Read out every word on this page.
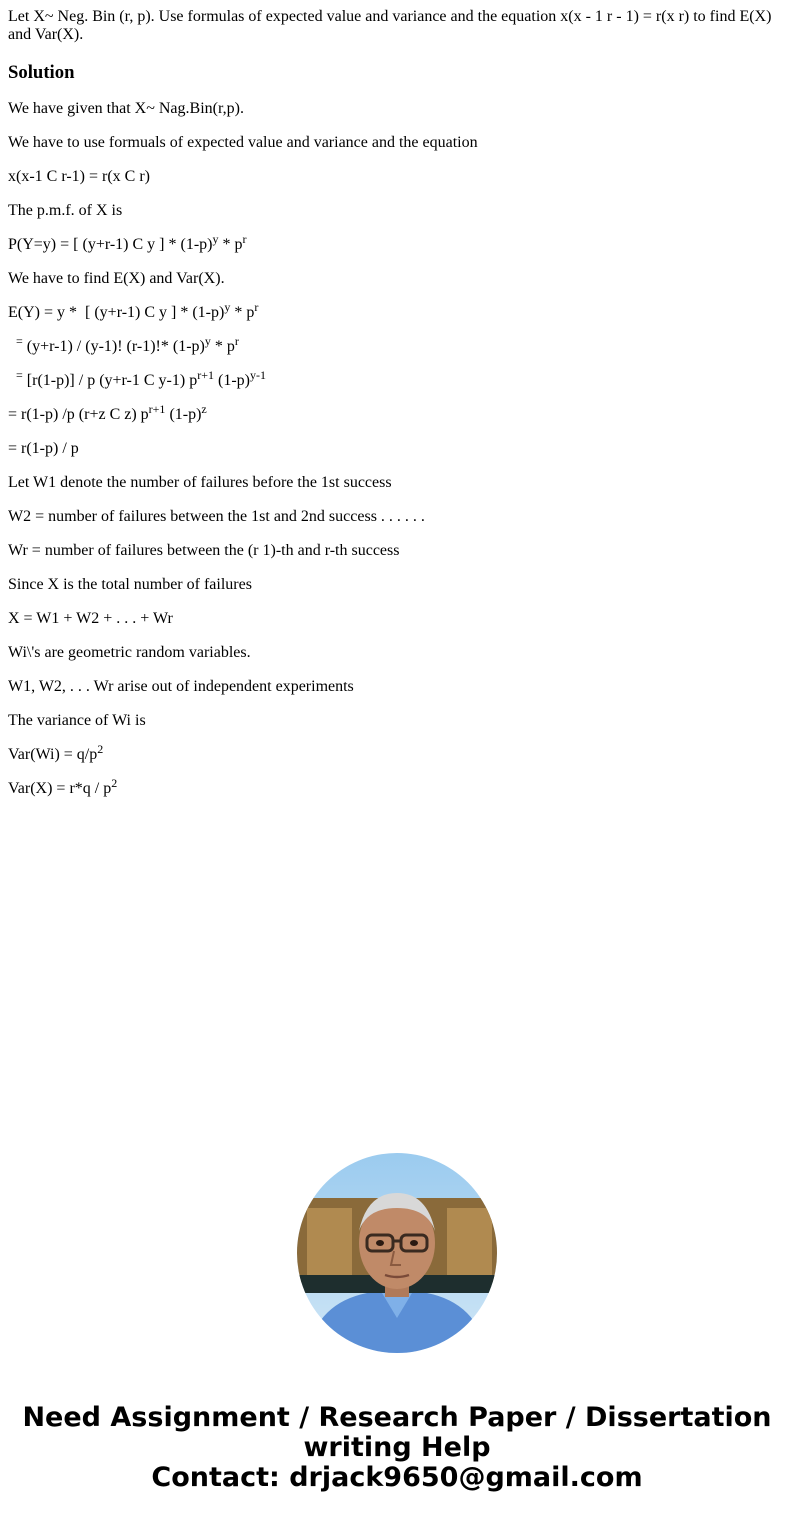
Let X~ Neg. Bin (r, p). Use formulas of expected value and variance and the equation x(x - 1 r - 1) = r(x r) to find E(X) and Var(X).

Solution

We have given that X~ Nag.Bin(r,p).

We have to use formuals of expected value and variance and the equation

x(x-1 C r-1) = r(x C r)

The p.m.f. of X is

P(Y=y) = [ (y+r-1) C y ] * $(1-p)^y * p^r$

We have to find E(X) and Var(X).

E(Y) = y *  [ (y+r-1) C y ] * $(1-p)^y * p^r$

= (y+r-1) / (y-1)! (r-1)!* $(1-p)^y * p^r$

= [r(1-p)] / p (y+r-1 C y-1) $p^{r+1}$ $(1-p)^{y-1}$

= r(1-p) /p (r+z C z) $p^{r+1}$ $(1-p)^z$

= r(1-p) / p

Let W1 denote the number of failures before the 1st success

W2 = number of failures between the 1st and 2nd success . . . . . .

Wr = number of failures between the (r 1)-th and r-th success

Since X is the total number of failures

X = W1 + W2 + . . . + Wr

Wi\'s are geometric random variables.

W1, W2, . . . Wr arise out of independent experiments

The variance of Wi is

$Var(Wi) = q/p^2$

$Var(X) = r*q / p^2$

Need Assignment / Research Paper / Dissertation
writing Help
Contact: drjack9650@gmail.com
